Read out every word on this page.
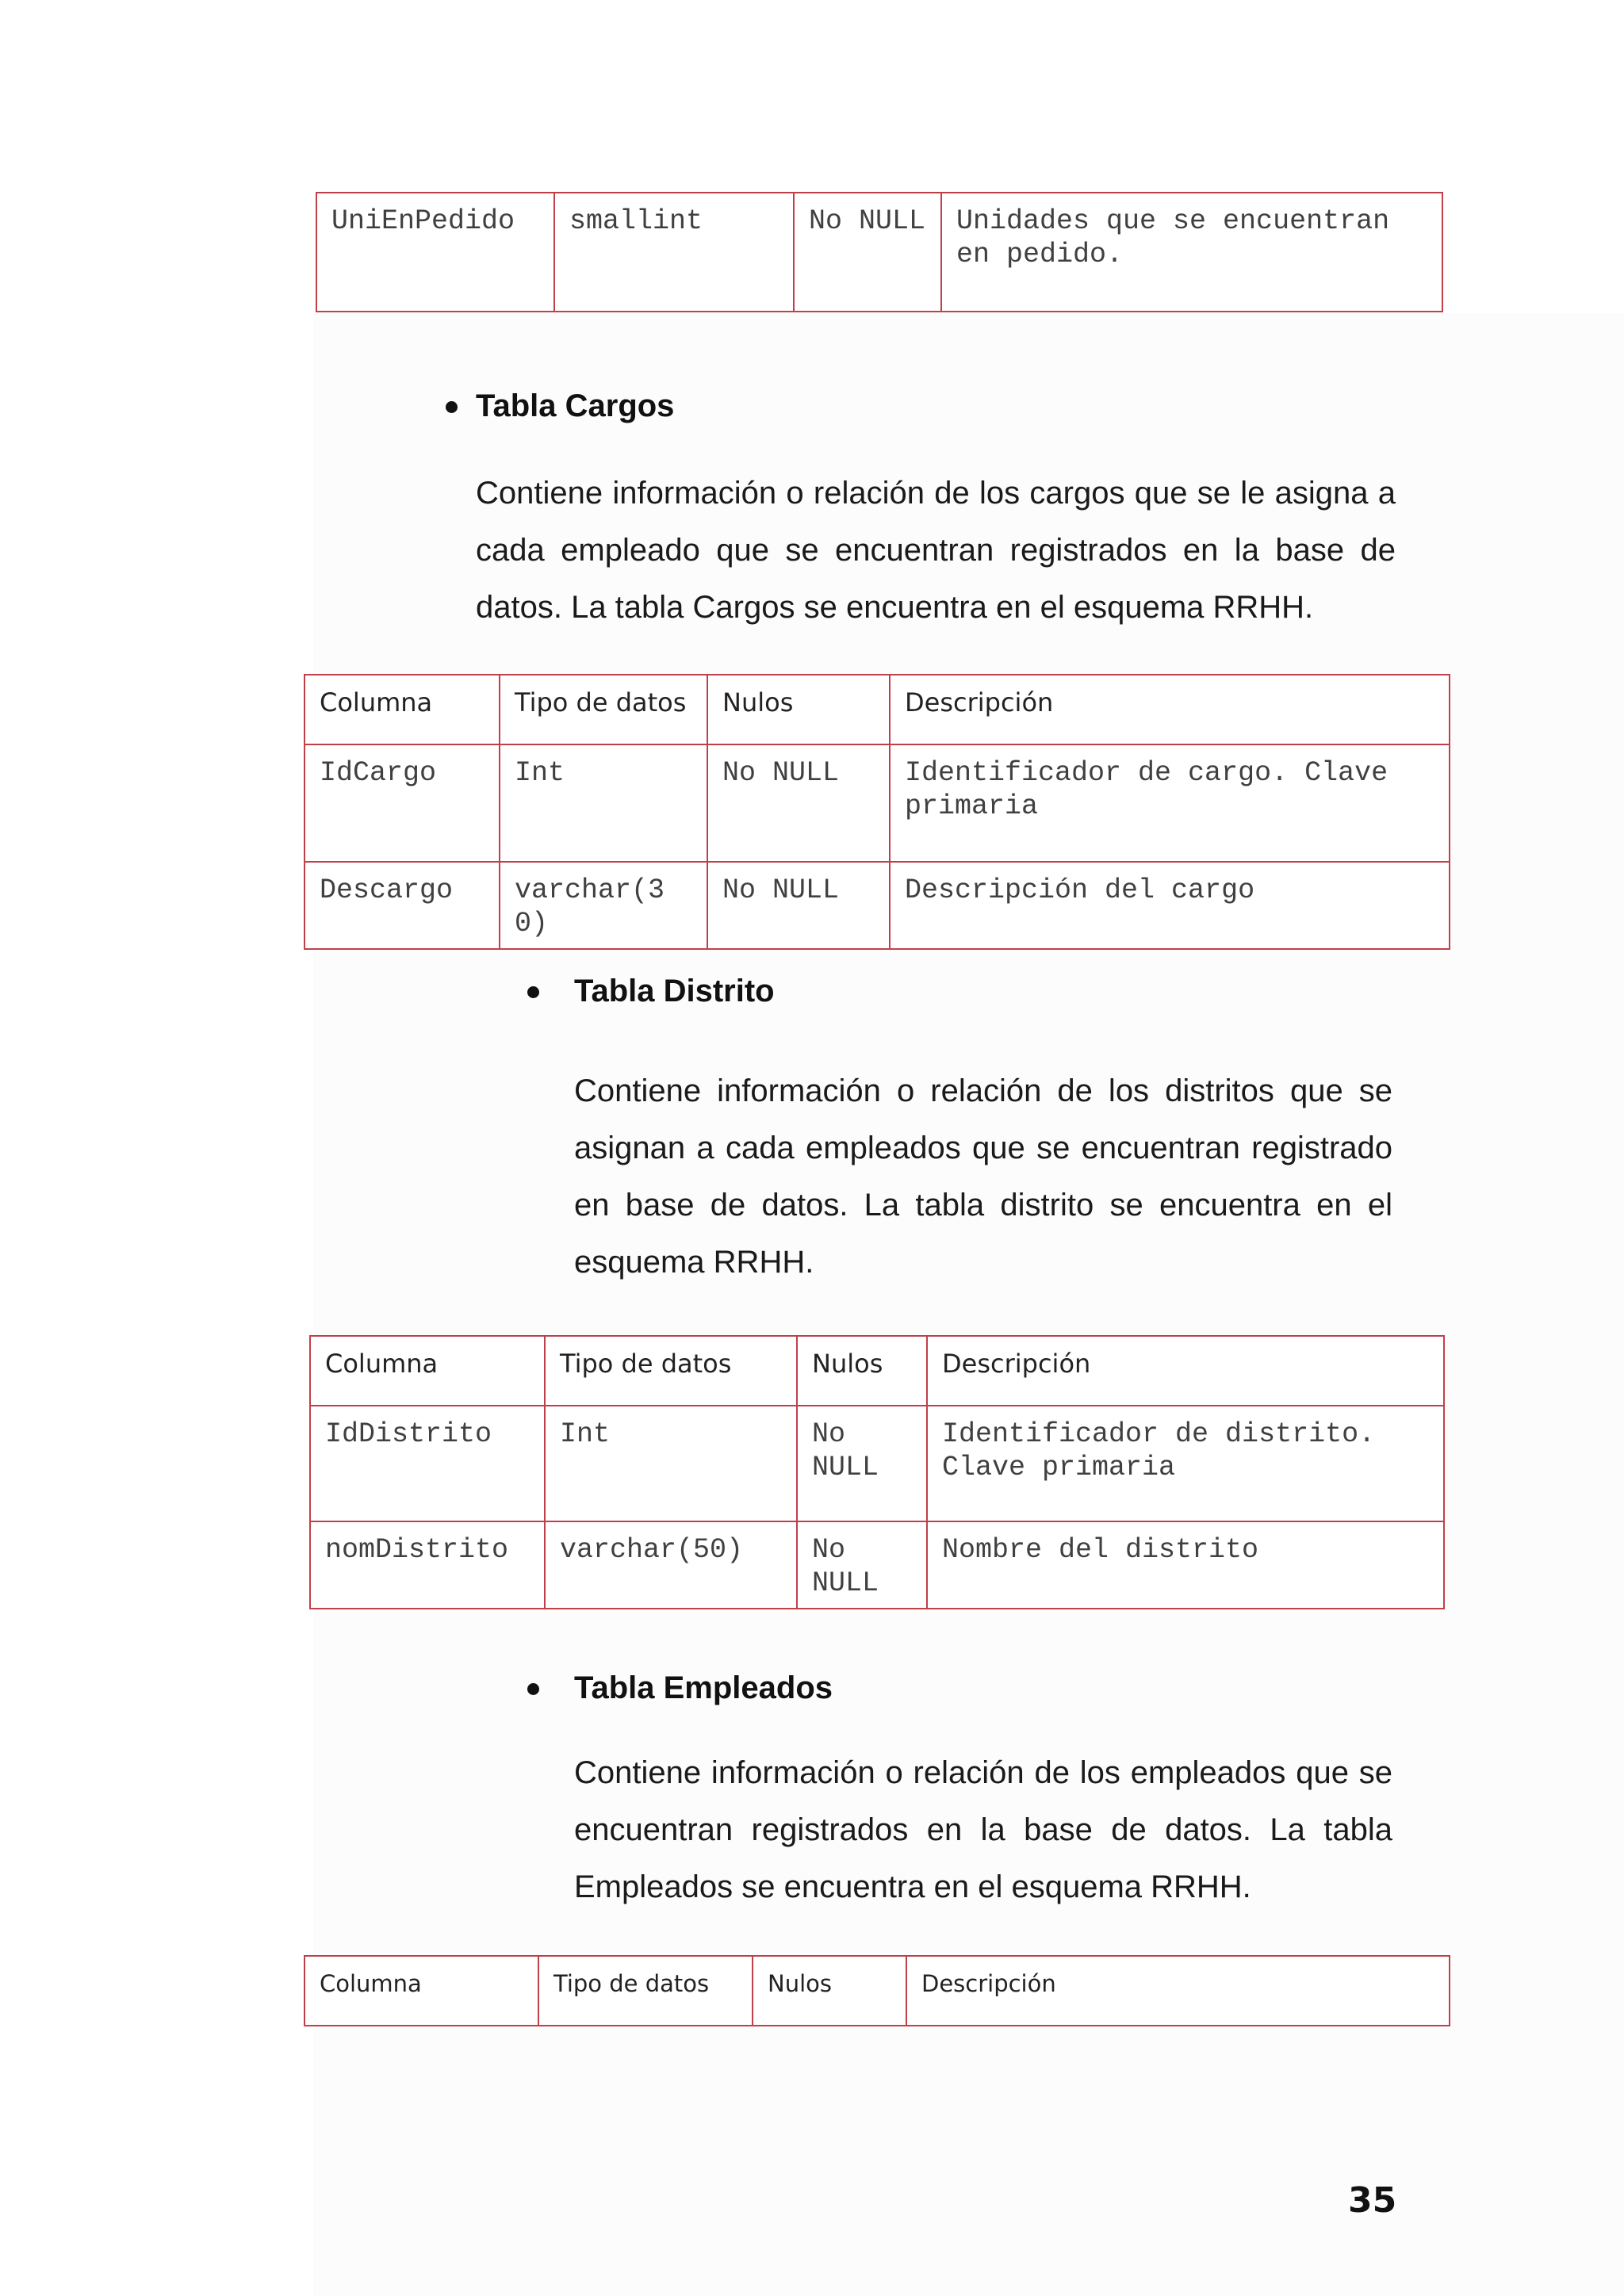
UniEnPedido	smallint	No NULL	Unidades que se encuentran en pedido.
Tabla Cargos
Contiene información o relación de los cargos que se le asigna a cada empleado que se encuentran registrados en la base de datos. La tabla Cargos se encuentra en el esquema RRHH.
Columna	Tipo de datos	Nulos	Descripción
IdCargo	Int	No NULL	Identificador de cargo. Clave primaria
Descargo	varchar(30)	No NULL	Descripción del cargo
Tabla Distrito
Contiene información o relación de los distritos que se asignan a cada empleados que se encuentran registrado en base de datos. La tabla distrito se encuentra en el esquema RRHH.
Columna	Tipo de datos	Nulos	Descripción
IdDistrito	Int	No NULL	Identificador de distrito. Clave primaria
nomDistrito	varchar(50)	No NULL	Nombre del distrito
Tabla Empleados
Contiene información o relación de los empleados que se encuentran registrados en la base de datos. La tabla Empleados se encuentra en el esquema RRHH.
Columna	Tipo de datos	Nulos	Descripción
35
